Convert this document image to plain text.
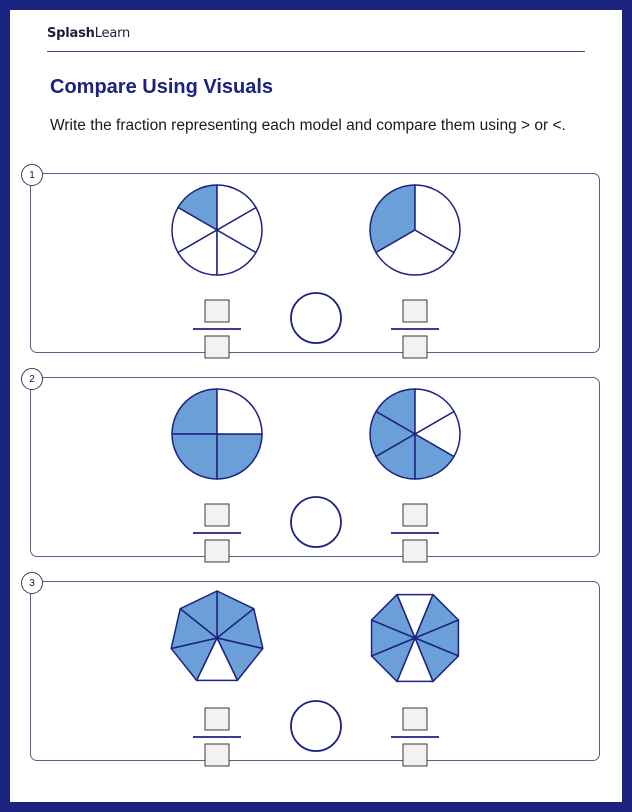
SplashLearn
Compare Using Visuals
Write the fraction representing each model and compare them using > or <.
1
2
3
